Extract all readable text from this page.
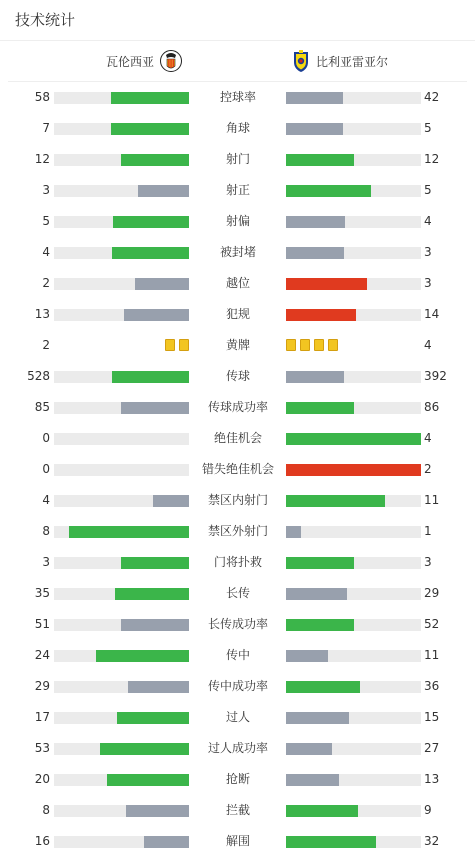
技术统计
瓦伦西亚	比利亚雷亚尔
58	控球率	42
7	角球	5
12	射门	12
3	射正	5
5	射偏	4
4	被封堵	3
2	越位	3
13	犯规	14
2	黄牌	4
528	传球	392
85	传球成功率	86
0	绝佳机会	4
0	错失绝佳机会	2
4	禁区内射门	11
8	禁区外射门	1
3	门将扑救	3
35	长传	29
51	长传成功率	52
24	传中	11
29	传中成功率	36
17	过人	15
53	过人成功率	27
20	抢断	13
8	拦截	9
16	解围	32
